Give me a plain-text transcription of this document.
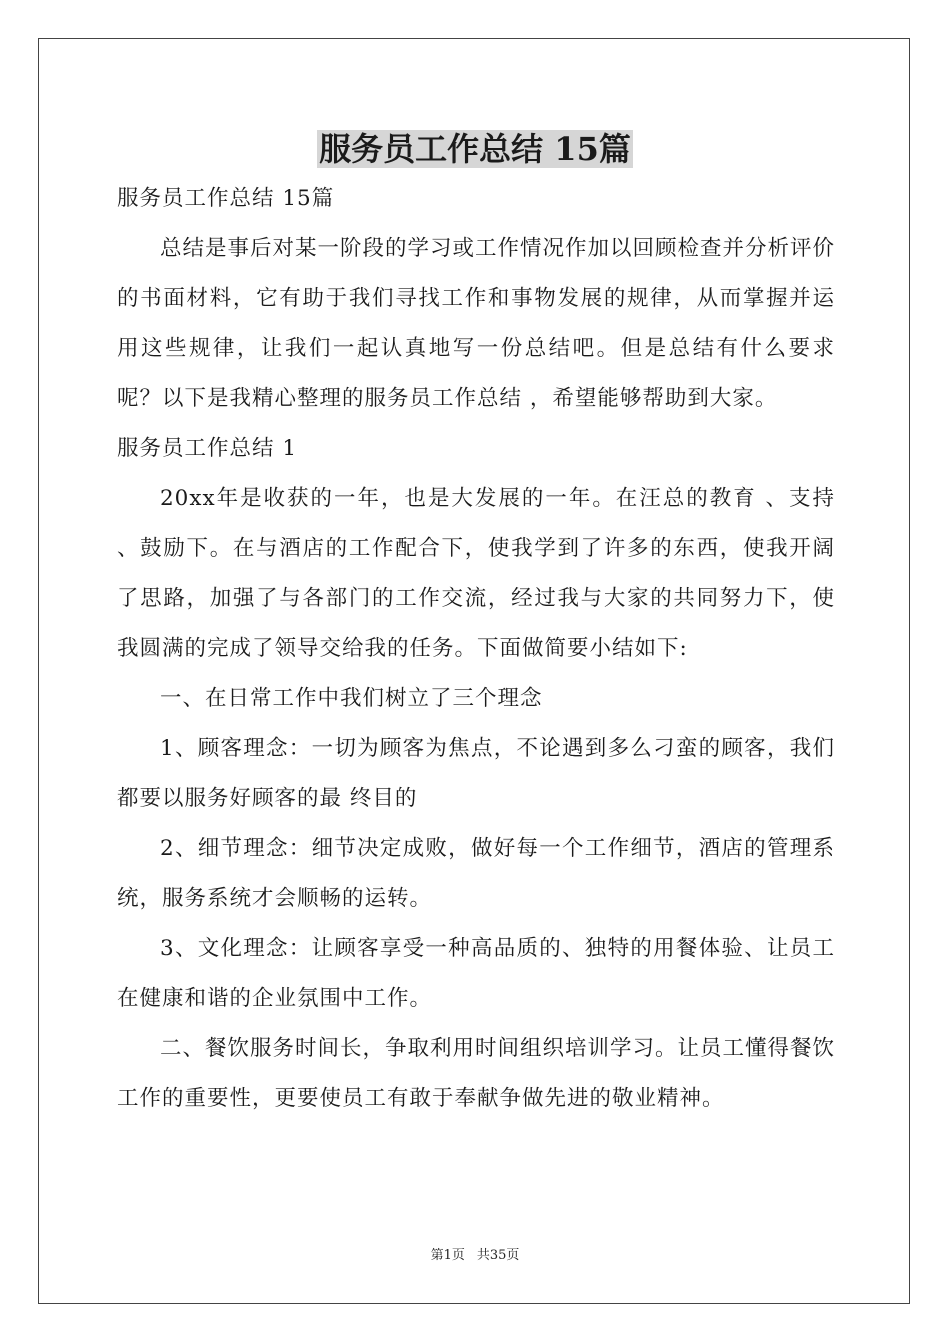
服务员工作总结 15篇

服务员工作总结 15篇

总结是事后对某一阶段的学习或工作情况作加以回顾检查并分析评价的书面材料，它有助于我们寻找工作和事物发展的规律，从而掌握并运用这些规律，让我们一起认真地写一份总结吧。但是总结有什么要求呢？以下是我精心整理的服务员工作总结 ，希望能够帮助到大家。

服务员工作总结 1

20xx年是收获的一年，也是大发展的一年。在汪总的教育 、支持 、鼓励下。在与酒店的工作配合下，使我学到了许多的东西，使我开阔了思路，加强了与各部门的工作交流，经过我与大家的共同努力下，使我圆满的完成了领导交给我的任务。下面做简要小结如下:

一、在日常工作中我们树立了三个理念

1、顾客理念：一切为顾客为焦点，不论遇到多么刁蛮的顾客，我们都要以服务好顾客的最 终目的

2、细节理念：细节决定成败，做好每一个工作细节，酒店的管理系统，服务系统才会顺畅的运转。

3、文化理念：让顾客享受一种高品质的、独特的用餐体验、让员工在健康和谐的企业氛围中工作。

二、餐饮服务时间长，争取利用时间组织培训学习。让员工懂得餐饮工作的重要性，更要使员工有敢于奉献争做先进的敬业精神。

第1页 共35页
